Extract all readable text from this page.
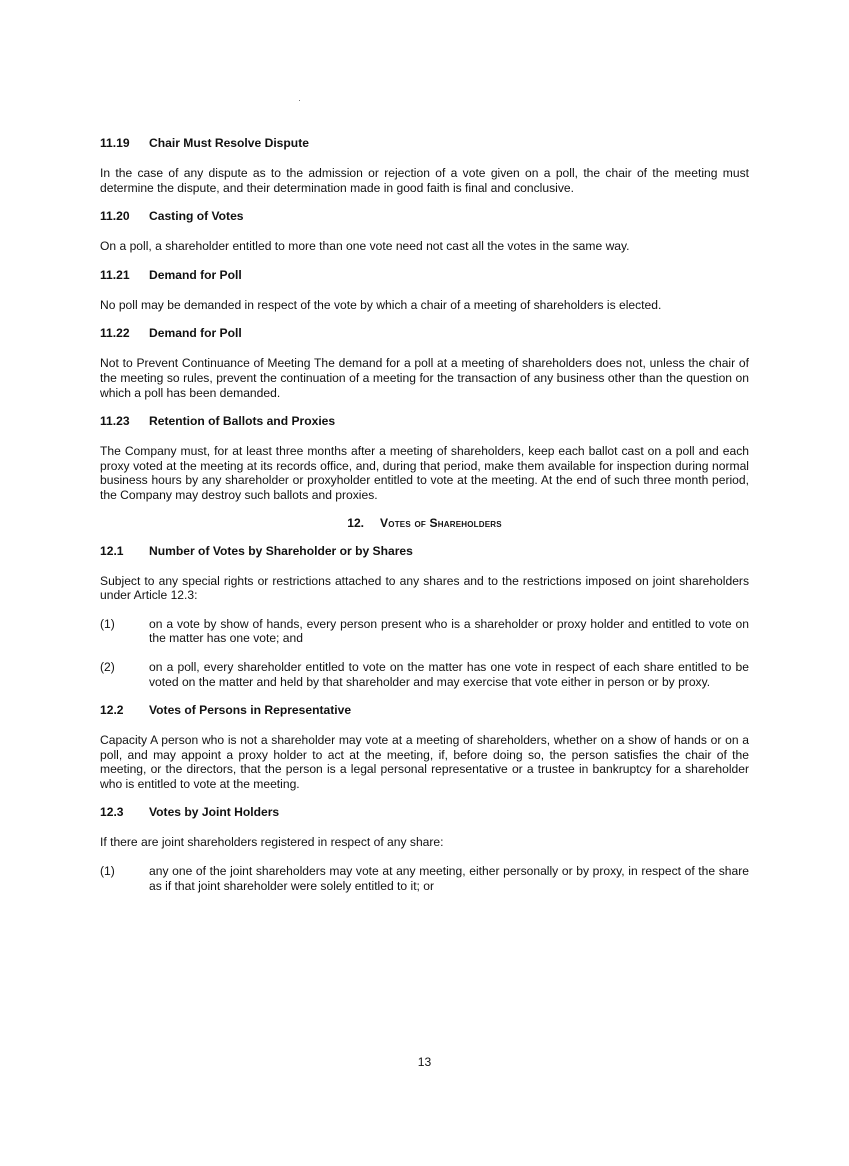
11.19 Chair Must Resolve Dispute

In the case of any dispute as to the admission or rejection of a vote given on a poll, the chair of the meeting must determine the dispute, and their determination made in good faith is final and conclusive.

11.20 Casting of Votes

On a poll, a shareholder entitled to more than one vote need not cast all the votes in the same way.

11.21 Demand for Poll

No poll may be demanded in respect of the vote by which a chair of a meeting of shareholders is elected.

11.22 Demand for Poll

Not to Prevent Continuance of Meeting The demand for a poll at a meeting of shareholders does not, unless the chair of the meeting so rules, prevent the continuation of a meeting for the transaction of any business other than the question on which a poll has been demanded.

11.23 Retention of Ballots and Proxies

The Company must, for at least three months after a meeting of shareholders, keep each ballot cast on a poll and each proxy voted at the meeting at its records office, and, during that period, make them available for inspection during normal business hours by any shareholder or proxyholder entitled to vote at the meeting. At the end of such three month period, the Company may destroy such ballots and proxies.

12. Votes of Shareholders
12.1 Number of Votes by Shareholder or by Shares

Subject to any special rights or restrictions attached to any shares and to the restrictions imposed on joint shareholders under Article 12.3:

(1)	on a vote by show of hands, every person present who is a shareholder or proxy holder and entitled to vote on the matter has one vote; and
(2)	on a poll, every shareholder entitled to vote on the matter has one vote in respect of each share entitled to be voted on the matter and held by that shareholder and may exercise that vote either in person or by proxy.
12.2 Votes of Persons in Representative

Capacity A person who is not a shareholder may vote at a meeting of shareholders, whether on a show of hands or on a poll, and may appoint a proxy holder to act at the meeting, if, before doing so, the person satisfies the chair of the meeting, or the directors, that the person is a legal personal representative or a trustee in bankruptcy for a shareholder who is entitled to vote at the meeting.

12.3 Votes by Joint Holders

If there are joint shareholders registered in respect of any share:

(1)	any one of the joint shareholders may vote at any meeting, either personally or by proxy, in respect of the share as if that joint shareholder were solely entitled to it; or
13
